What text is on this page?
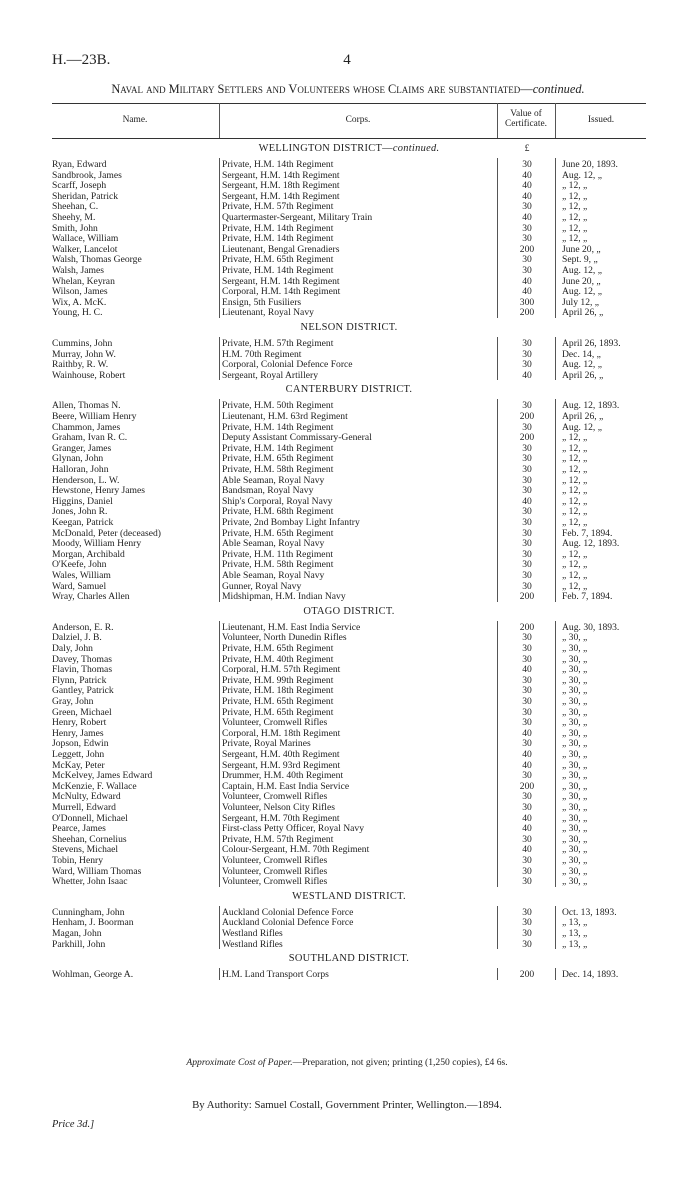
H.—23B.	4
Naval and Military Settlers and Volunteers whose Claims are substantiated—continued.
Name.	Corps.
Value of Certificate.	Issued.
£
WELLINGTON DISTRICT—continued.
Ryan, Edward	Private, H.M. 14th Regiment	30	June 20, 1893.
Sandbrook, James	Sergeant, H.M. 14th Regiment	40	Aug. 12, „
Scarff, Joseph	Sergeant, H.M. 18th Regiment	40	„ 12, „
Sheridan, Patrick	Sergeant, H.M. 14th Regiment	40	„ 12, „
Sheehan, C.	Private, H.M. 57th Regiment	30	„ 12, „
Sheehy, M.	Quartermaster-Sergeant, Military Train	40	„ 12, „
Smith, John	Private, H.M. 14th Regiment	30	„ 12, „
Wallace, William	Private, H.M. 14th Regiment	30	„ 12, „
Walker, Lancelot	Lieutenant, Bengal Grenadiers	200	June 20, „
Walsh, Thomas George	Private, H.M. 65th Regiment	30	Sept. 9, „
Walsh, James	Private, H.M. 14th Regiment	30	Aug. 12, „
Whelan, Keyran	Sergeant, H.M. 14th Regiment	40	June 20, „
Wilson, James	Corporal, H.M. 14th Regiment	40	Aug. 12, „
Wix, A. McK.	Ensign, 5th Fusiliers	300	July 12, „
Young, H. C.	Lieutenant, Royal Navy	200	April 26, „
NELSON DISTRICT.
Cummins, John	Private, H.M. 57th Regiment	30	April 26, 1893.
Murray, John W.	H.M. 70th Regiment	30	Dec. 14, „
Raithby, R. W.	Corporal, Colonial Defence Force	30	Aug. 12, „
Wainhouse, Robert	Sergeant, Royal Artillery	40	April 26, „
CANTERBURY DISTRICT.
Allen, Thomas N.	Private, H.M. 50th Regiment	30	Aug. 12, 1893.
Beere, William Henry	Lieutenant, H.M. 63rd Regiment	200	April 26, „
Chammon, James	Private, H.M. 14th Regiment	30	Aug. 12, „
Graham, Ivan R. C.	Deputy Assistant Commissary-General	200	„ 12, „
Granger, James	Private, H.M. 14th Regiment	30	„ 12, „
Glynan, John	Private, H.M. 65th Regiment	30	„ 12, „
Halloran, John	Private, H.M. 58th Regiment	30	„ 12, „
Henderson, L. W.	Able Seaman, Royal Navy	30	„ 12, „
Hewstone, Henry James	Bandsman, Royal Navy	30	„ 12, „
Higgins, Daniel	Ship's Corporal, Royal Navy	40	„ 12, „
Jones, John R.	Private, H.M. 68th Regiment	30	„ 12, „
Keegan, Patrick	Private, 2nd Bombay Light Infantry	30	„ 12, „
McDonald, Peter (deceased)	Private, H.M. 65th Regiment	30	Feb. 7, 1894.
Moody, William Henry	Able Seaman, Royal Navy	30	Aug. 12, 1893.
Morgan, Archibald	Private, H.M. 11th Regiment	30	„ 12, „
O'Keefe, John	Private, H.M. 58th Regiment	30	„ 12, „
Wales, William	Able Seaman, Royal Navy	30	„ 12, „
Ward, Samuel	Gunner, Royal Navy	30	„ 12, „
Wray, Charles Allen	Midshipman, H.M. Indian Navy	200	Feb. 7, 1894.
OTAGO DISTRICT.
Anderson, E. R.	Lieutenant, H.M. East India Service	200	Aug. 30, 1893.
Dalziel, J. B.	Volunteer, North Dunedin Rifles	30	„ 30, „
Daly, John	Private, H.M. 65th Regiment	30	„ 30, „
Davey, Thomas	Private, H.M. 40th Regiment	30	„ 30, „
Flavin, Thomas	Corporal, H.M. 57th Regiment	40	„ 30, „
Flynn, Patrick	Private, H.M. 99th Regiment	30	„ 30, „
Gantley, Patrick	Private, H.M. 18th Regiment	30	„ 30, „
Gray, John	Private, H.M. 65th Regiment	30	„ 30, „
Green, Michael	Private, H.M. 65th Regiment	30	„ 30, „
Henry, Robert	Volunteer, Cromwell Rifles	30	„ 30, „
Henry, James	Corporal, H.M. 18th Regiment	40	„ 30, „
Jopson, Edwin	Private, Royal Marines	30	„ 30, „
Leggett, John	Sergeant, H.M. 40th Regiment	40	„ 30, „
McKay, Peter	Sergeant, H.M. 93rd Regiment	40	„ 30, „
McKelvey, James Edward	Drummer, H.M. 40th Regiment	30	„ 30, „
McKenzie, F. Wallace	Captain, H.M. East India Service	200	„ 30, „
McNulty, Edward	Volunteer, Cromwell Rifles	30	„ 30, „
Murrell, Edward	Volunteer, Nelson City Rifles	30	„ 30, „
O'Donnell, Michael	Sergeant, H.M. 70th Regiment	40	„ 30, „
Pearce, James	First-class Petty Officer, Royal Navy	40	„ 30, „
Sheehan, Cornelius	Private, H.M. 57th Regiment	30	„ 30, „
Stevens, Michael	Colour-Sergeant, H.M. 70th Regiment	40	„ 30, „
Tobin, Henry	Volunteer, Cromwell Rifles	30	„ 30, „
Ward, William Thomas	Volunteer, Cromwell Rifles	30	„ 30, „
Whetter, John Isaac	Volunteer, Cromwell Rifles	30	„ 30, „
WESTLAND DISTRICT.
Cunningham, John	Auckland Colonial Defence Force	30	Oct. 13, 1893.
Henham, J. Boorman	Auckland Colonial Defence Force	30	„ 13, „
Magan, John	Westland Rifles	30	„ 13, „
Parkhill, John	Westland Rifles	30	„ 13, „
SOUTHLAND DISTRICT.
Wohlman, George A.	H.M. Land Transport Corps	200	Dec. 14, 1893.
Approximate Cost of Paper.—Preparation, not given; printing (1,250 copies), £4 6s.
By Authority: Samuel Costall, Government Printer, Wellington.—1894.
Price 3d.]
